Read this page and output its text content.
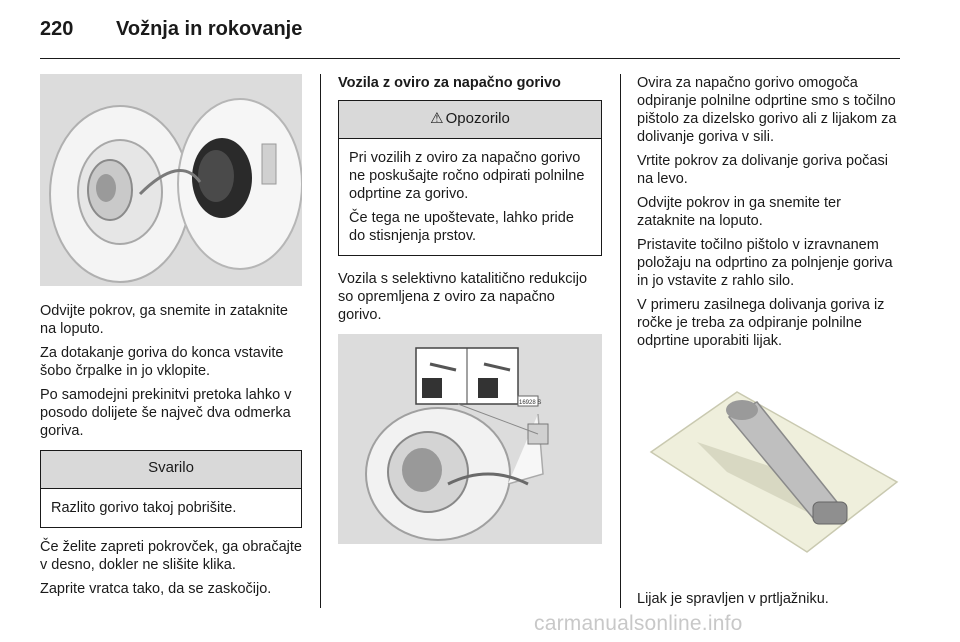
220 Vožnja in rokovanje

Odvijte pokrov, ga snemite in zataknite na loputo.

Za dotakanje goriva do konca vstavite šobo črpalke in jo vklopite.

Po samodejni prekinitvi pretoka lahko v posodo dolijete še največ dva odmerka goriva.

Svarilo

Razlito gorivo takoj pobrišite.

Če želite zapreti pokrovček, ga obračajte v desno, dokler ne slišite klika.

Zaprite vratca tako, da se zaskočijo.

Vozila z oviro za napačno gorivo
⚠ Opozorilo

Pri vozilih z oviro za napačno gorivo ne poskušajte ročno odpirati polnilne odprtine za gorivo.

Če tega ne upoštevate, lahko pride do stisnjenja prstov.

Vozila s selektivno katalitično redukcijo so opremljena z oviro za napačno gorivo.

16928 S

Ovira za napačno gorivo omogoča odpiranje polnilne odprtine smo s točilno pištolo za dizelsko gorivo ali z lijakom za dolivanje goriva v sili.

Vrtite pokrov za dolivanje goriva počasi na levo.

Odvijte pokrov in ga snemite ter zataknite na loputo.

Pristavite točilno pištolo v izravnanem položaju na odprtino za polnjenje goriva in jo vstavite z rahlo silo.

V primeru zasilnega dolivanja goriva iz ročke je treba za odpiranje polnilne odprtine uporabiti lijak.

Lijak je spravljen v prtljažniku.

carmanualsonline.info
